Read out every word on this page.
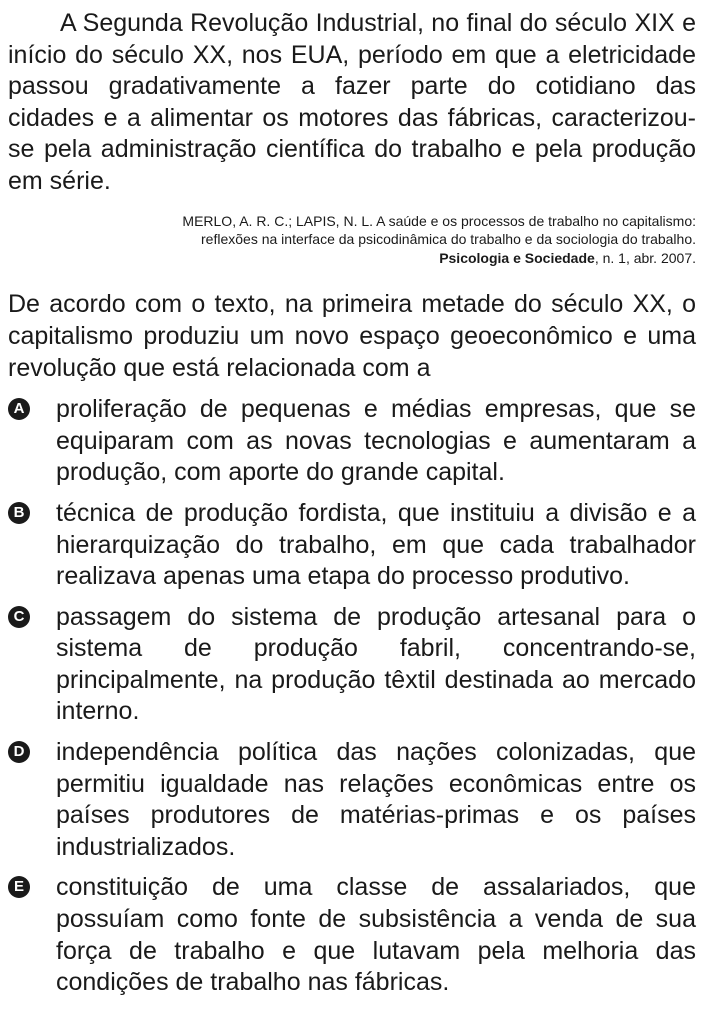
A Segunda Revolução Industrial, no final do século XIX e início do século XX, nos EUA, período em que a eletricidade passou gradativamente a fazer parte do cotidiano das cidades e a alimentar os motores das fábricas, caracterizou-se pela administração científica do trabalho e pela produção em série.

MERLO, A. R. C.; LAPIS, N. L. A saúde e os processos de trabalho no capitalismo:
reflexões na interface da psicodinâmica do trabalho e da sociologia do trabalho.
Psicologia e Sociedade, n. 1, abr. 2007.

De acordo com o texto, na primeira metade do século XX, o capitalismo produziu um novo espaço geoeconômico e uma revolução que está relacionada com a

A proliferação de pequenas e médias empresas, que se equiparam com as novas tecnologias e aumentaram a produção, com aporte do grande capital.
B técnica de produção fordista, que instituiu a divisão e a hierarquização do trabalho, em que cada trabalhador realizava apenas uma etapa do processo produtivo.
C passagem do sistema de produção artesanal para o sistema de produção fabril, concentrando-se, principalmente, na produção têxtil destinada ao mercado interno.
D independência política das nações colonizadas, que permitiu igualdade nas relações econômicas entre os países produtores de matérias-primas e os países industrializados.
E constituição de uma classe de assalariados, que possuíam como fonte de subsistência a venda de sua força de trabalho e que lutavam pela melhoria das condições de trabalho nas fábricas.
